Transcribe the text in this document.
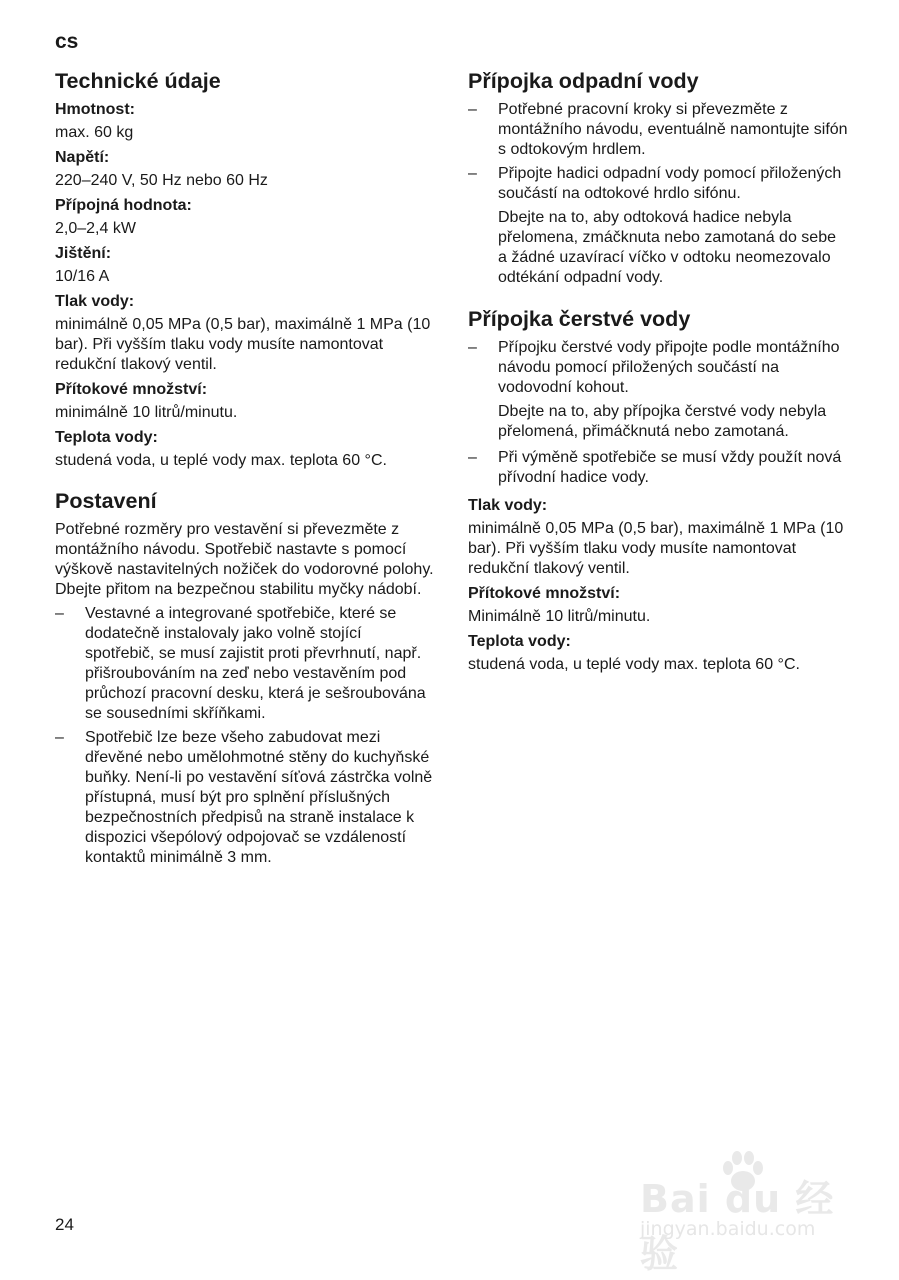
cs
Technické údaje

Hmotnost:

max. 60 kg

Napětí:

220–240 V, 50 Hz nebo 60 Hz

Přípojná hodnota:

2,0–2,4 kW

Jištění:

10/16 A

Tlak vody:

minimálně 0,05 MPa (0,5 bar), maximálně 1 MPa (10 bar). Při vyšším tlaku vody musíte namontovat redukční tlakový ventil.

Přítokové množství:

minimálně 10 litrů/minutu.

Teplota vody:

studená voda, u teplé vody max. teplota 60 °C.

Postavení

Potřebné rozměry pro vestavění si převezměte z montážního návodu. Spotřebič nastavte s pomocí výškově nastavitelných nožiček do vodorovné polohy. Dbejte přitom na bezpečnou stabilitu myčky nádobí.

–	Vestavné a integrované spotřebiče, které se dodatečně instalovaly jako volně stojící spotřebič, se musí zajistit proti převrhnutí, např. přišroubováním na zeď nebo vestavěním pod průchozí pracovní desku, která je sešroubována se sousedními skříňkami.
–	Spotřebič lze beze všeho zabudovat mezi dřevěné nebo umělohmotné stěny do kuchyňské buňky. Není-li po vestavění síťová zástrčka volně přístupná, musí být pro splnění příslušných bezpečnostních předpisů na straně instalace k dispozici všepólový odpojovač se vzdáleností kontaktů minimálně 3 mm.
Přípojka odpadní vody
–	Potřebné pracovní kroky si převezměte z montážního návodu, eventuálně namontujte sifón s odtokovým hrdlem.
–	Připojte hadici odpadní vody pomocí přiložených součástí na odtokové hrdlo sifónu.

Dbejte na to, aby odtoková hadice nebyla přelomena, zmáčknuta nebo zamotaná do sebe a žádné uzavírací víčko v odtoku neomezovalo odtékání odpadní vody.

Přípojka čerstvé vody
–	Přípojku čerstvé vody připojte podle montážního návodu pomocí přiložených součástí na vodovodní kohout.

Dbejte na to, aby přípojka čerstvé vody nebyla přelomená, přimáčknutá nebo zamotaná.

–	Při výměně spotřebiče se musí vždy použít nová přívodní hadice vody.

Tlak vody:

minimálně 0,05 MPa (0,5 bar), maximálně 1 MPa (10 bar). Při vyšším tlaku vody musíte namontovat redukční tlakový ventil.

Přítokové množství:

Minimálně 10 litrů/minutu.

Teplota vody:

studená voda, u teplé vody max. teplota 60 °C.

24
Bai du 经验
jingyan.baidu.com
